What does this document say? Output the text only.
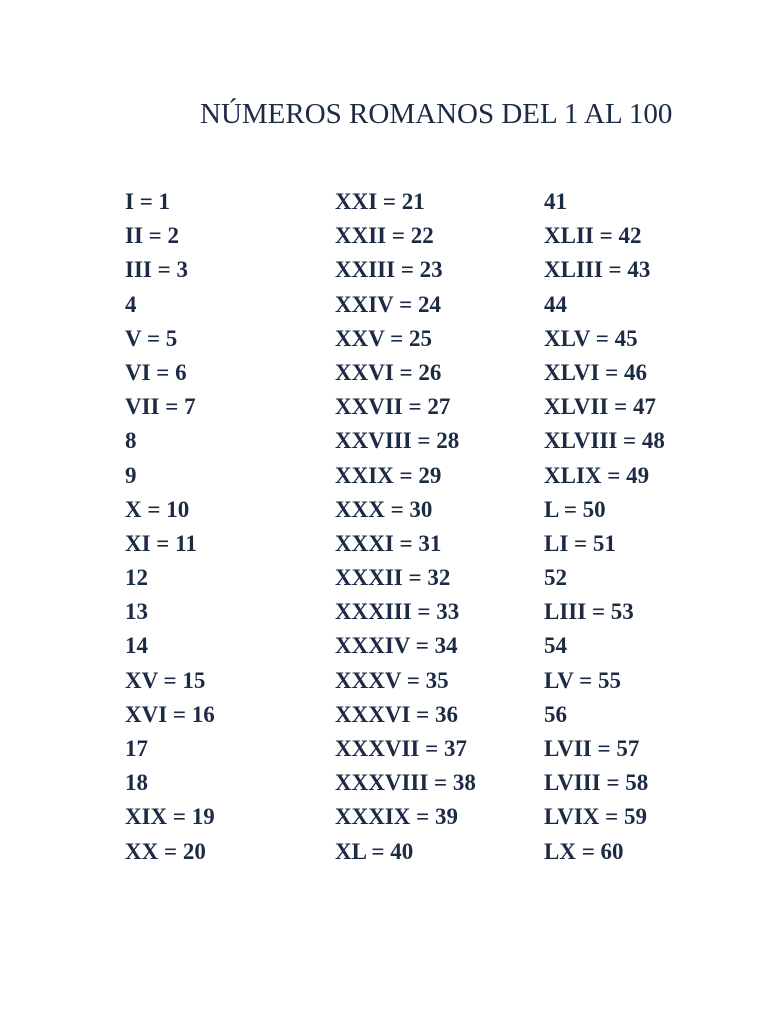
NÚMEROS ROMANOS DEL 1 AL 100
I = 1
II = 2
III = 3
4
V = 5
VI = 6
VII = 7
8
9
X = 10
XI = 11
12
13
14
XV = 15
XVI = 16
17
18
XIX = 19
XX = 20
XXI = 21
XXII = 22
XXIII = 23
XXIV = 24
XXV = 25
XXVI = 26
XXVII = 27
XXVIII = 28
XXIX = 29
XXX = 30
XXXI = 31
XXXII = 32
XXXIII = 33
XXXIV = 34
XXXV = 35
XXXVI = 36
XXXVII = 37
XXXVIII = 38
XXXIX = 39
XL = 40
41
XLII = 42
XLIII = 43
44
XLV = 45
XLVI = 46
XLVII = 47
XLVIII = 48
XLIX = 49
L = 50
LI = 51
52
LIII = 53
54
LV = 55
56
LVII = 57
LVIII = 58
LVIX = 59
LX = 60
